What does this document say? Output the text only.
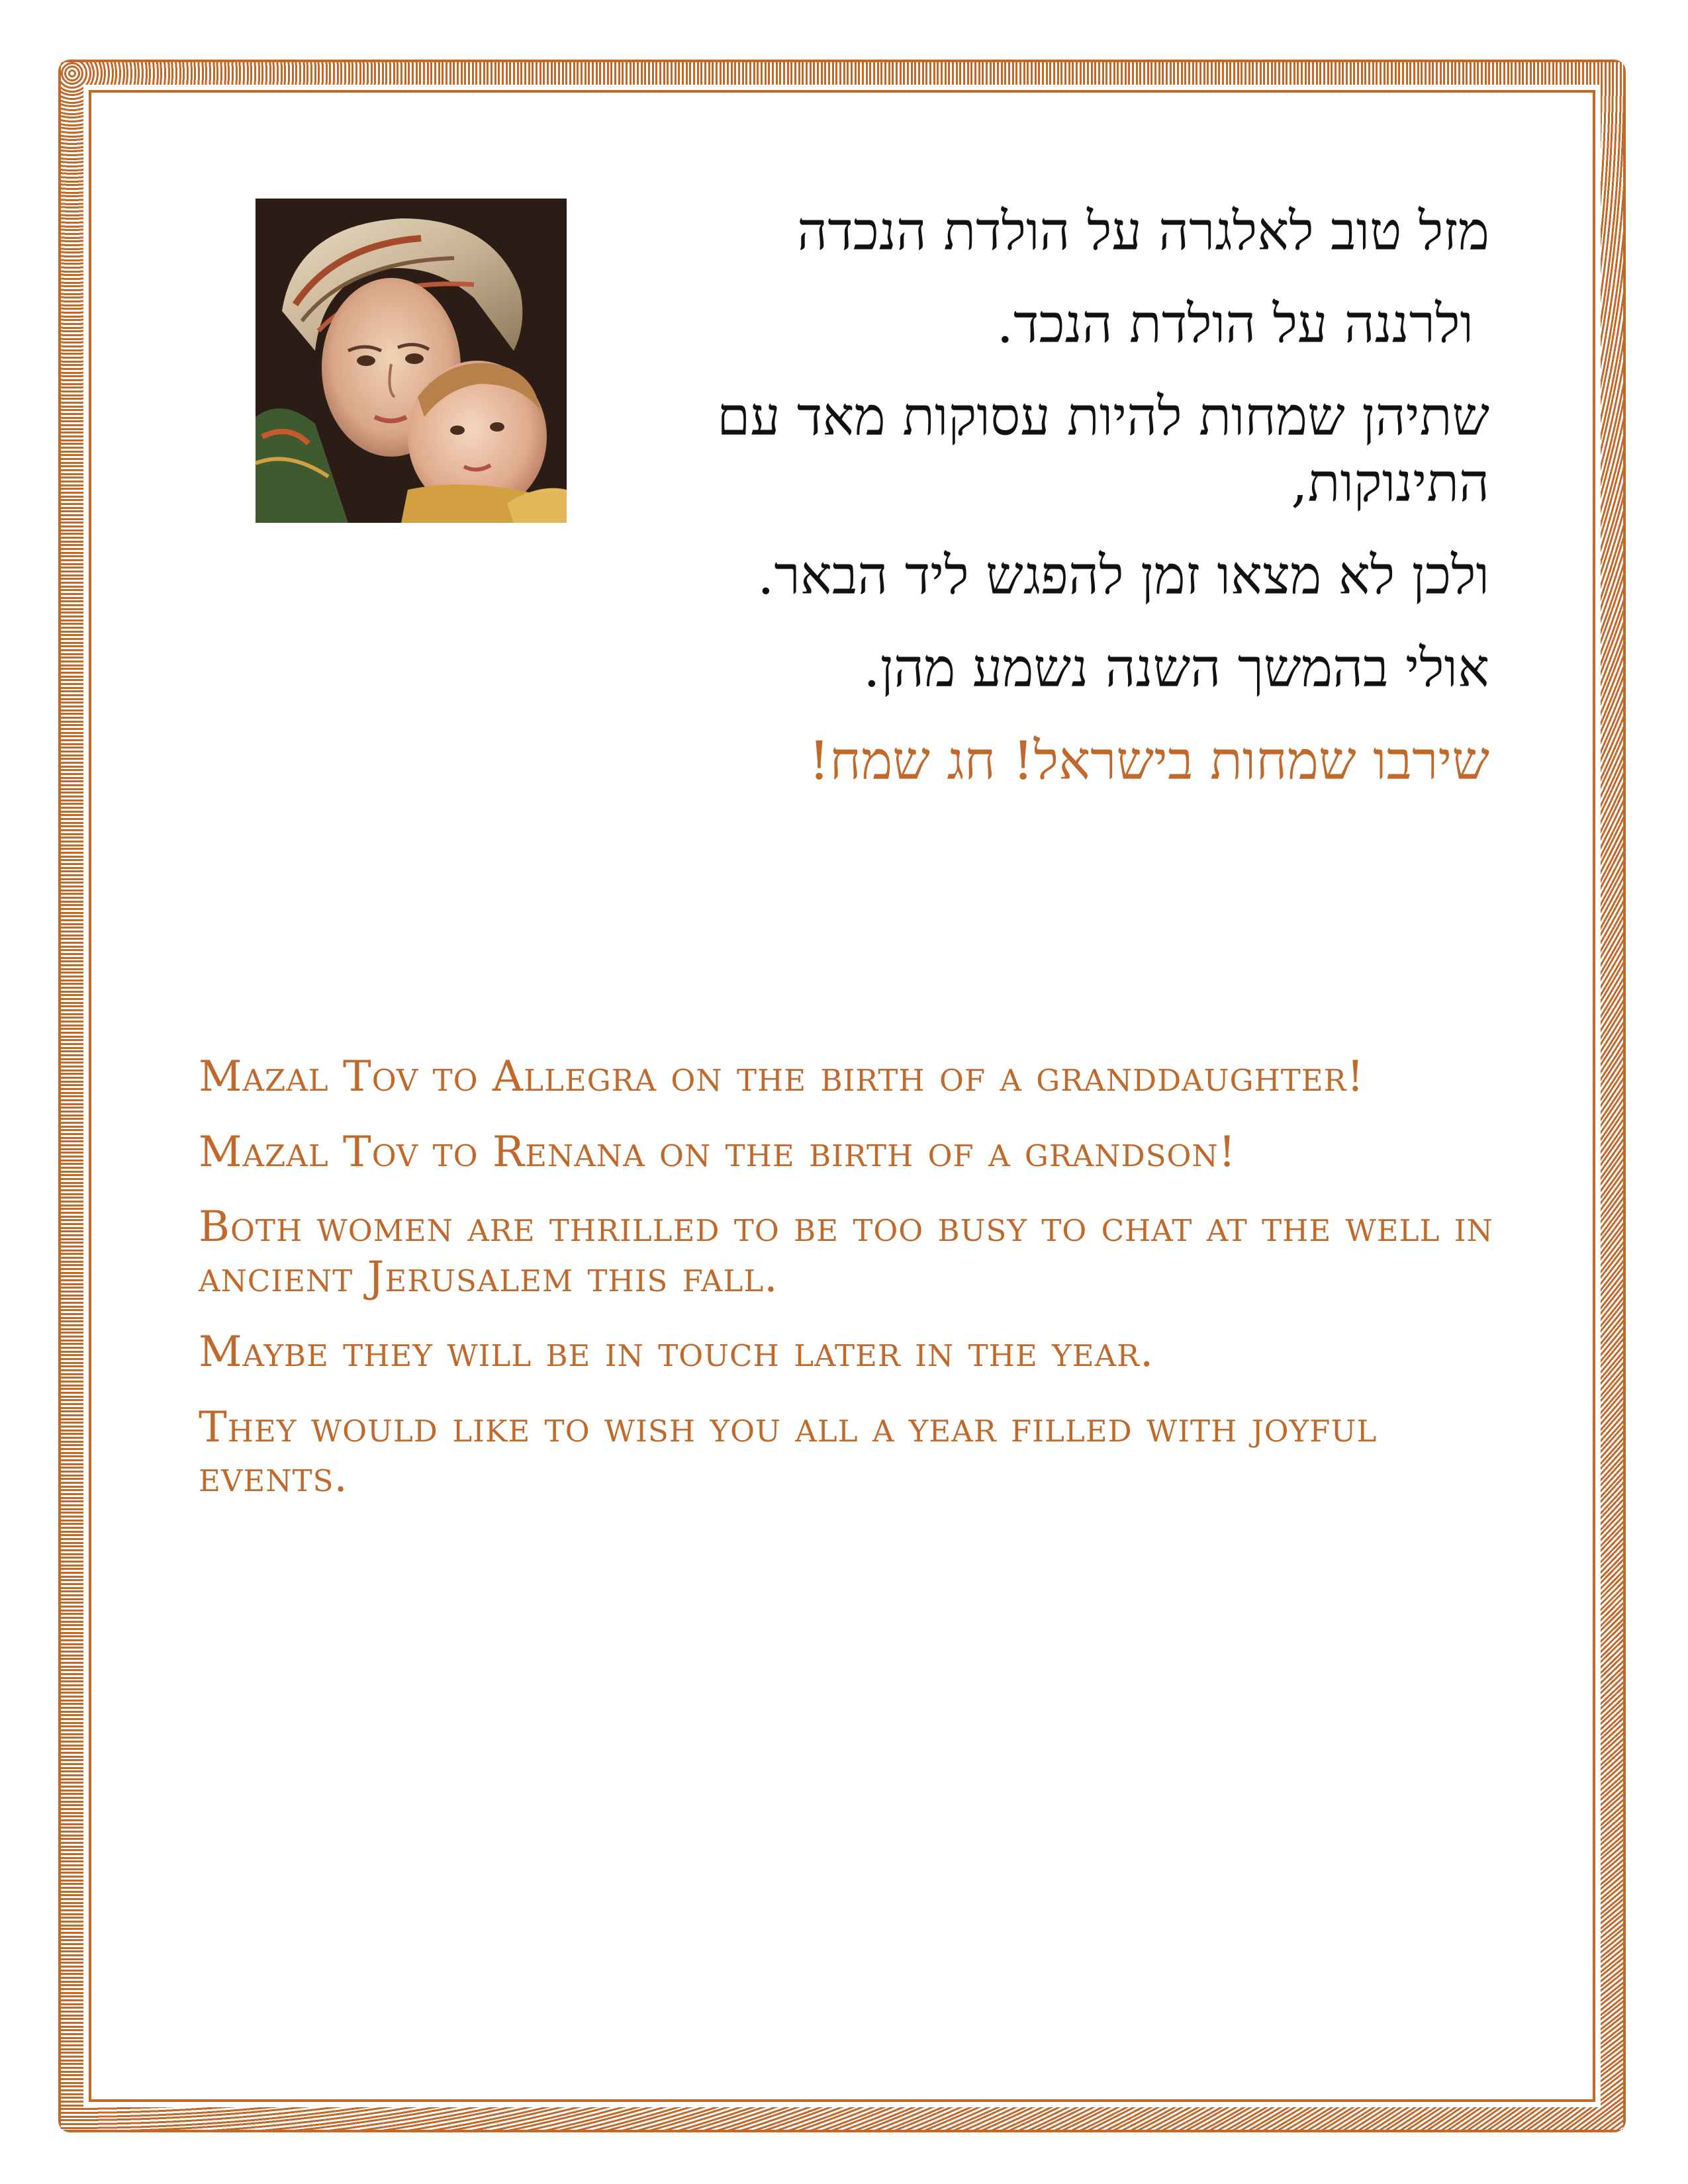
מזל טוב לאלגרה על הולדת הנכדה

ולרננה על הולדת הנכד.

שתיהן שמחות להיות עסוקות מאד עם התינוקות,

ולכן לא מצאו זמן להפגש ליד הבאר.

אולי בהמשך השנה נשמע מהן.

שירבו שמחות בישראל! חג שמח!

Mazal Tov to Allegra on the birth of a granddaughter!

Mazal Tov to Renana on the birth of a grandson!

Both women are thrilled to be too busy to chat at the well in ancient Jerusalem this fall.

Maybe they will be in touch later in the year.

They would like to wish you all a year filled with joyful events.
